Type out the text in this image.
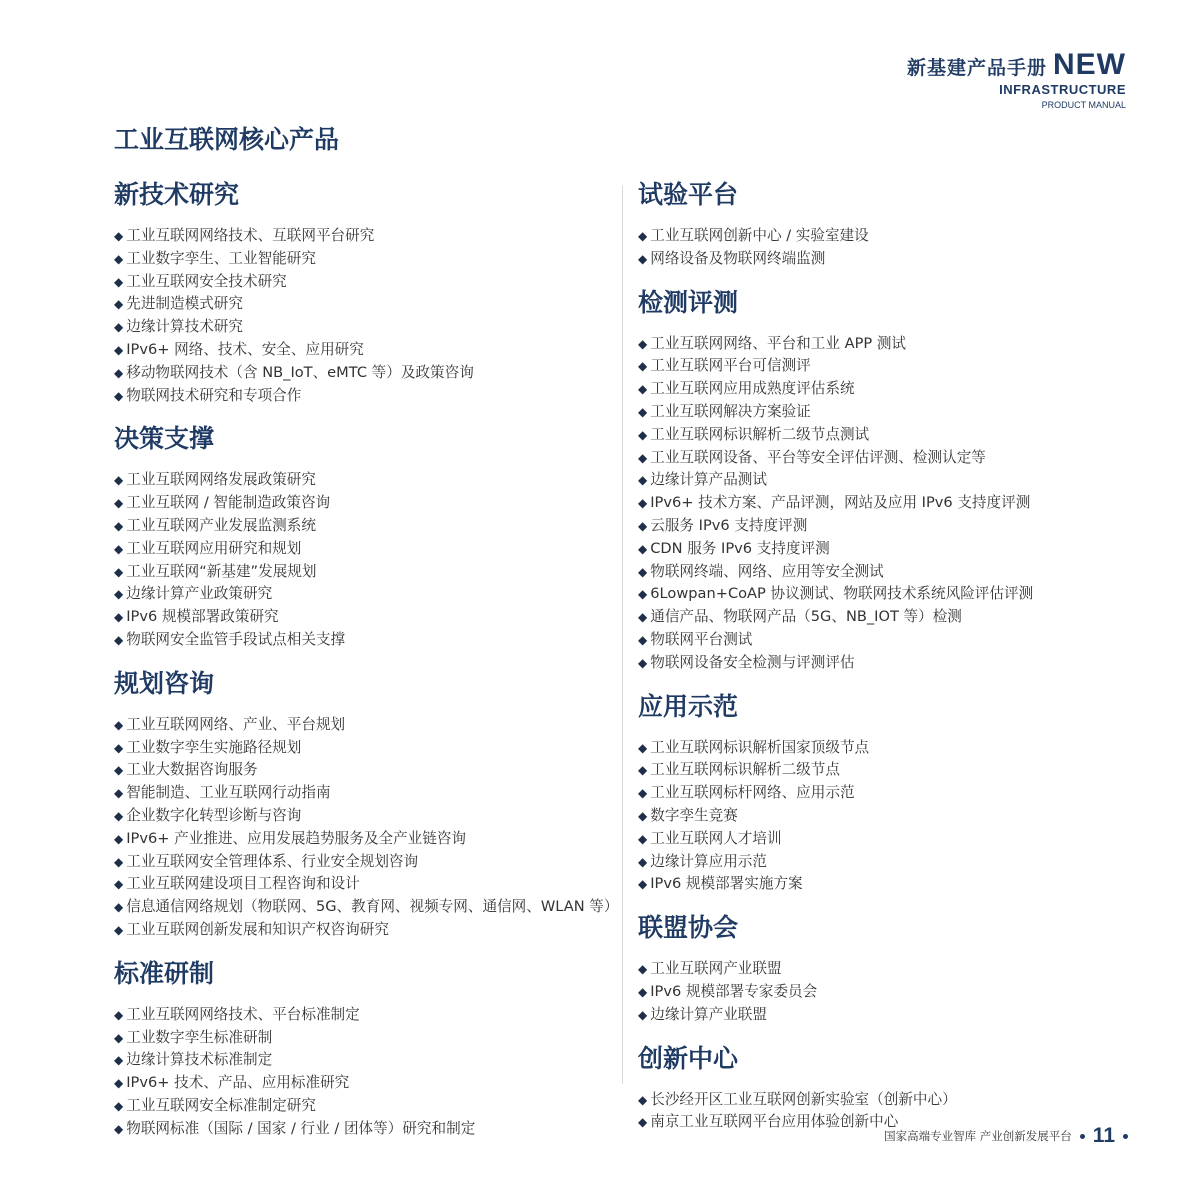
新基建产品手册 NEW
INFRASTRUCTURE
PRODUCT MANUAL
工业互联网核心产品
新技术研究
◆ 工业互联网网络技术、互联网平台研究
◆ 工业数字孪生、工业智能研究
◆ 工业互联网安全技术研究
◆ 先进制造模式研究
◆ 边缘计算技术研究
◆ IPv6+ 网络、技术、安全、应用研究
◆ 移动物联网技术（含 NB_IoT、eMTC 等）及政策咨询
◆ 物联网技术研究和专项合作
决策支撑
◆ 工业互联网网络发展政策研究
◆ 工业互联网 / 智能制造政策咨询
◆ 工业互联网产业发展监测系统
◆ 工业互联网应用研究和规划
◆ 工业互联网“新基建”发展规划
◆ 边缘计算产业政策研究
◆ IPv6 规模部署政策研究
◆ 物联网安全监管手段试点相关支撑
规划咨询
◆ 工业互联网网络、产业、平台规划
◆ 工业数字孪生实施路径规划
◆ 工业大数据咨询服务
◆ 智能制造、工业互联网行动指南
◆ 企业数字化转型诊断与咨询
◆ IPv6+ 产业推进、应用发展趋势服务及全产业链咨询
◆ 工业互联网安全管理体系、行业安全规划咨询
◆ 工业互联网建设项目工程咨询和设计
◆ 信息通信网络规划（物联网、5G、教育网、视频专网、通信网、WLAN 等）
◆ 工业互联网创新发展和知识产权咨询研究
标准研制
◆ 工业互联网网络技术、平台标准制定
◆ 工业数字孪生标准研制
◆ 边缘计算技术标准制定
◆ IPv6+ 技术、产品、应用标准研究
◆ 工业互联网安全标准制定研究
◆ 物联网标准（国际 / 国家 / 行业 / 团体等）研究和制定
试验平台
◆ 工业互联网创新中心 / 实验室建设
◆ 网络设备及物联网终端监测
检测评测
◆ 工业互联网网络、平台和工业 APP 测试
◆ 工业互联网平台可信测评
◆ 工业互联网应用成熟度评估系统
◆ 工业互联网解决方案验证
◆ 工业互联网标识解析二级节点测试
◆ 工业互联网设备、平台等安全评估评测、检测认定等
◆ 边缘计算产品测试
◆ IPv6+ 技术方案、产品评测，网站及应用 IPv6 支持度评测
◆ 云服务 IPv6 支持度评测
◆ CDN 服务 IPv6 支持度评测
◆ 物联网终端、网络、应用等安全测试
◆ 6Lowpan+CoAP 协议测试、物联网技术系统风险评估评测
◆ 通信产品、物联网产品（5G、NB_IOT 等）检测
◆ 物联网平台测试
◆ 物联网设备安全检测与评测评估
应用示范
◆ 工业互联网标识解析国家顶级节点
◆ 工业互联网标识解析二级节点
◆ 工业互联网标杆网络、应用示范
◆ 数字孪生竞赛
◆ 工业互联网人才培训
◆ 边缘计算应用示范
◆ IPv6 规模部署实施方案
联盟协会
◆ 工业互联网产业联盟
◆ IPv6 规模部署专家委员会
◆ 边缘计算产业联盟
创新中心
◆ 长沙经开区工业互联网创新实验室（创新中心）
◆ 南京工业互联网平台应用体验创新中心
国家高端专业智库 产业创新发展平台 11
